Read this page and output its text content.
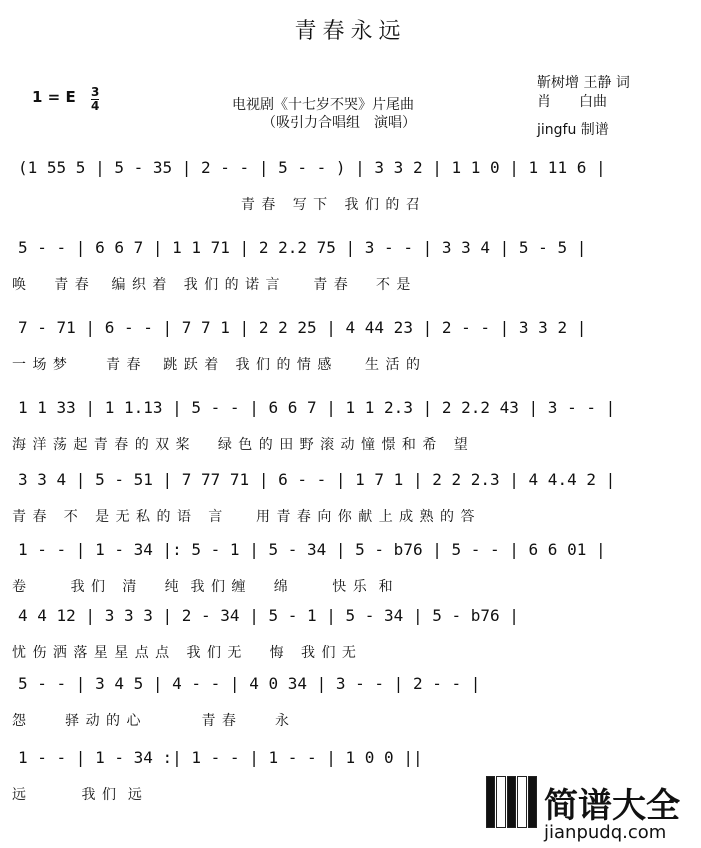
青春永远
1 = E 3
4	电视剧《十七岁不哭》片尾曲
（吸引力合唱组　演唱）
靳树增 王静 词
肖　　白曲
jingfu 制谱
(1 55 5 | 5 - 35 | 2 - - | 5 - - ) | 3 3 2 | 1 1 0 | 1 11 6 |
青 春   写 下   我 们 的 召
5 - - | 6 6 7 | 1 1 71 | 2 2.2 75 | 3 - - | 3 3 4 | 5 - 5 |
唤     青 春    编 织 着   我 们 的 诺 言      青 春     不 是
7 - 71 | 6 - - | 7 7 1 | 2 2 25 | 4 44 23 | 2 - - | 3 3 2 |
一 场 梦       青 春    跳 跃 着   我 们 的 情 感      生 活 的
1 1 33 | 1 1.13 | 5 - - | 6 6 7 | 1 1 2.3 | 2 2.2 43 | 3 - - |
海 洋 荡 起 青 春 的 双 桨     绿 色 的 田 野 滚 动 憧 憬 和 希   望
3 3 4 | 5 - 51 | 7 77 71 | 6 - - | 1 7 1 | 2 2 2.3 | 4 4.4 2 |
青 春   不   是 无 私 的 语   言      用 青 春 向 你 献 上 成 熟 的 答
1 - - | 1 - 34 |: 5 - 1 | 5 - 34 | 5 - b76 | 5 - - | 6 6 01 |
卷        我 们   清     纯  我 们 缠     绵        快 乐  和
4 4 12 | 3 3 3 | 2 - 34 | 5 - 1 | 5 - 34 | 5 - b76 |
忧 伤 洒 落 星 星 点 点   我 们 无     悔   我 们 无
5 - - | 3 4 5 | 4 - - | 4 0 34 | 3 - - | 2 - - |
怨       驿 动 的 心           青 春       永
1 - - | 1 - 34 :| 1 - - | 1 - - | 1 0 0 ||
远          我 们  远	简谱大全
jianpudq.com
